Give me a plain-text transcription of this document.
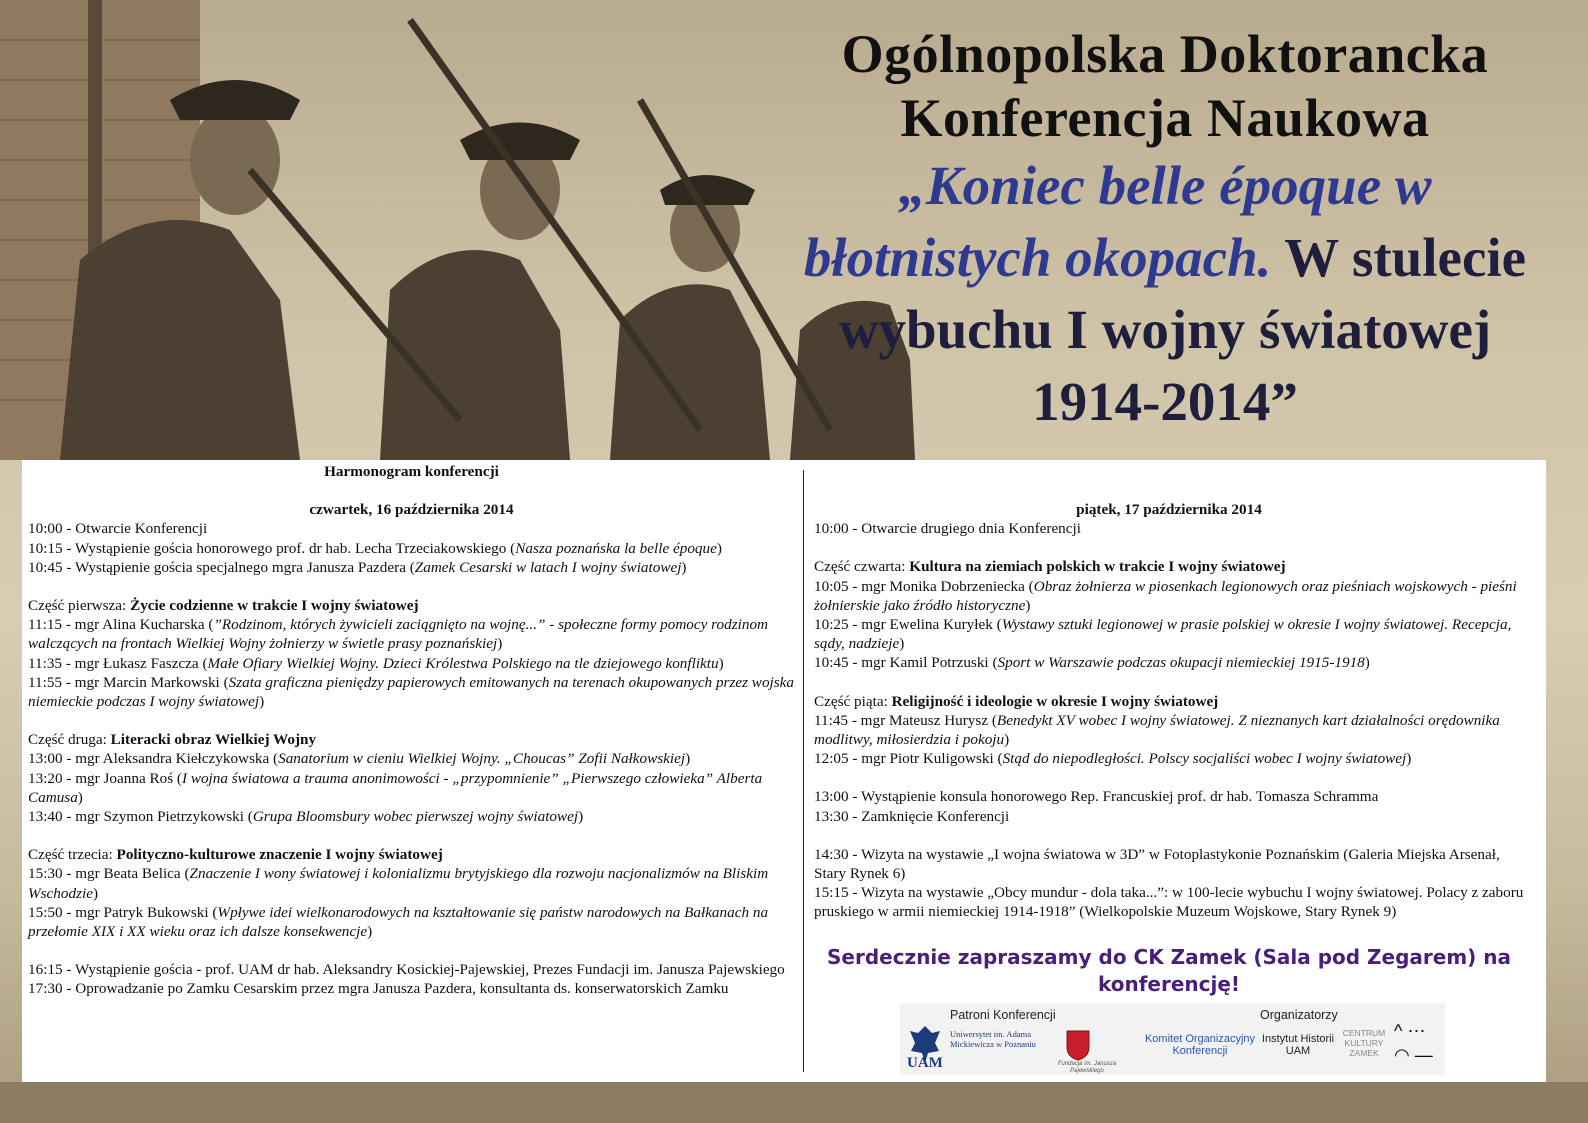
Ogólnopolska Doktorancka
Konferencja Naukowa
„Koniec belle époque w błotnistych okopach. W stulecie wybuchu I wojny światowej 1914-2014”

Harmonogram konferencji

czwartek, 16 października 2014

10:00 - Otwarcie Konferencji

10:15 - Wystąpienie gościa honorowego prof. dr hab. Lecha Trzeciakowskiego (Nasza poznańska la belle époque)

10:45 - Wystąpienie gościa specjalnego mgra Janusza Pazdera (Zamek Cesarski w latach I wojny światowej)

Część pierwsza: Życie codzienne w trakcie I wojny światowej

11:15 - mgr Alina Kucharska (”Rodzinom, których żywicieli zaciągnięto na wojnę...” - społeczne formy pomocy rodzinom walczących na frontach Wielkiej Wojny żołnierzy w świetle prasy poznańskiej)

11:35 - mgr Łukasz Faszcza (Małe Ofiary Wielkiej Wojny. Dzieci Królestwa Polskiego na tle dziejowego konfliktu)

11:55 - mgr Marcin Markowski (Szata graficzna pieniędzy papierowych emitowanych na terenach okupowanych przez wojska niemieckie podczas I wojny światowej)

Część druga: Literacki obraz Wielkiej Wojny

13:00 - mgr Aleksandra Kiełczykowska (Sanatorium w cieniu Wielkiej Wojny. „Choucas” Zofii Nałkowskiej)

13:20 - mgr Joanna Roś (I wojna światowa a trauma anonimowości - „przypomnienie” „Pierwszego człowieka” Alberta Camusa)

13:40 - mgr Szymon Pietrzykowski (Grupa Bloomsbury wobec pierwszej wojny światowej)

Część trzecia: Polityczno-kulturowe znaczenie I wojny światowej

15:30 - mgr Beata Belica (Znaczenie I wony światowej i kolonializmu brytyjskiego dla rozwoju nacjonalizmów na Bliskim Wschodzie)

15:50 - mgr Patryk Bukowski (Wpływe idei wielkonarodowych na kształtowanie się państw narodowych na Bałkanach na przełomie XIX i XX wieku oraz ich dalsze konsekwencje)

16:15 - Wystąpienie gościa - prof. UAM dr hab. Aleksandry Kosickiej-Pajewskiej, Prezes Fundacji im. Janusza Pajewskiego

17:30 - Oprowadzanie po Zamku Cesarskim przez mgra Janusza Pazdera, konsultanta ds. konserwatorskich Zamku

piątek, 17 października 2014

10:00 - Otwarcie drugiego dnia Konferencji

Część czwarta: Kultura na ziemiach polskich w trakcie I wojny światowej

10:05 - mgr Monika Dobrzeniecka (Obraz żołnierza w piosenkach legionowych oraz pieśniach wojskowych - pieśni żołnierskie jako źródło historyczne)

10:25 - mgr Ewelina Kuryłek (Wystawy sztuki legionowej w prasie polskiej w okresie I wojny światowej. Recepcja, sądy, nadzieje)

10:45 - mgr Kamil Potrzuski (Sport w Warszawie podczas okupacji niemieckiej 1915-1918)

Część piąta: Religijność i ideologie w okresie I wojny światowej

11:45 - mgr Mateusz Hurysz (Benedykt XV wobec I wojny światowej. Z nieznanych kart działalności orędownika modlitwy, miłosierdzia i pokoju)

12:05 - mgr Piotr Kuligowski (Stąd do niepodległości. Polscy socjaliści wobec I wojny światowej)

13:00 - Wystąpienie konsula honorowego Rep. Francuskiej prof. dr hab. Tomasza Schramma

13:30 - Zamknięcie Konferencji

14:30 - Wizyta na wystawie „I wojna światowa w 3D” w Fotoplastykonie Poznańskim (Galeria Miejska Arsenał, Stary Rynek 6)

15:15 - Wizyta na wystawie „Obcy mundur - dola taka...”: w 100-lecie wybuchu I wojny światowej. Polacy z zaboru pruskiego w armii niemieckiej 1914-1918” (Wielkopolskie Muzeum Wojskowe, Stary Rynek 9)

Serdecznie zapraszamy do CK Zamek (Sala pod Zegarem) na konferencję!
Patroni Konferencji	Organizatorzy
UAM
Uniwersytet im. Adama Mickiewicza w Poznaniu
Fundacja im. Janusza Pajewskiego
Komitet Organizacyjny Konferencji
Instytut Historii UAM
CENTRUM KULTURY ZAMEK
^ ⋯
◠ —
